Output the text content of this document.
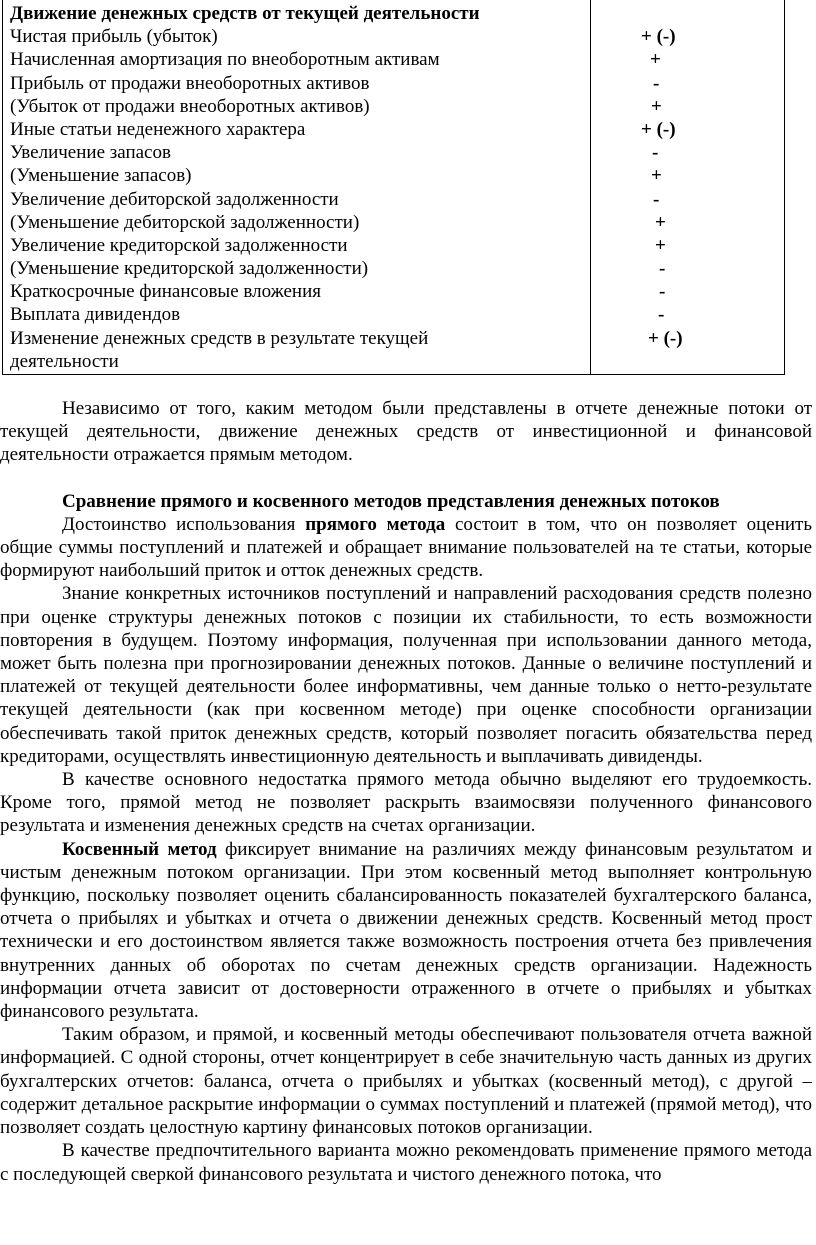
Движение денежных средств от текущей деятельности
Чистая прибыль (убыток)
Начисленная амортизация по внеоборотным активам
Прибыль от продажи внеоборотных активов
(Убыток от продажи внеоборотных активов)
Иные статьи неденежного характера
Увеличение запасов
(Уменьшение запасов)
Увеличение дебиторской задолженности
(Уменьшение дебиторской задолженности)
Увеличение кредиторской задолженности
(Уменьшение кредиторской задолженности)
Краткосрочные финансовые вложения
Выплата дивидендов
Изменение денежных средств в результате текущей деятельности
+ (-)
+
-
+
+ (-)
-
+
-
+
+
-
-
-
+ (-)

Независимо от того, каким методом были представлены в отчете денежные потоки от текущей деятельности, движение денежных средств от инвестиционной и финансовой деятельности отражается прямым методом.

Сравнение прямого и косвенного методов представления денежных потоков

Достоинство использования прямого метода состоит в том, что он позволяет оценить общие суммы поступлений и платежей и обращает внимание пользователей на те статьи, которые формируют наибольший приток и отток денежных средств.

Знание конкретных источников поступлений и направлений расходования средств полезно при оценке структуры денежных потоков с позиции их стабильности, то есть возможности повторения в будущем. Поэтому информация, полученная при использовании данного метода, может быть полезна при прогнозировании денежных потоков. Данные о величине поступлений и платежей от текущей деятельности более информативны, чем данные только о нетто-результате текущей деятельности (как при косвенном методе) при оценке способности организации обеспечивать такой приток денежных средств, который позволяет погасить обязательства перед кредиторами, осуществлять инвестиционную деятельность и выплачивать дивиденды.

В качестве основного недостатка прямого метода обычно выделяют его трудоемкость. Кроме того, прямой метод не позволяет раскрыть взаимосвязи полученного финансового результата и изменения денежных средств на счетах организации.

Косвенный метод фиксирует внимание на различиях между финансовым результатом и чистым денежным потоком организации. При этом косвенный метод выполняет контрольную функцию, поскольку позволяет оценить сбалансированность показателей бухгалтерского баланса, отчета о прибылях и убытках и отчета о движении денежных средств. Косвенный метод прост технически и его достоинством является также возможность построения отчета без привлечения внутренних данных об оборотах по счетам денежных средств организации. Надежность информации отчета зависит от достоверности отраженного в отчете о прибылях и убытках финансового результата.

Таким образом, и прямой, и косвенный методы обеспечивают пользователя отчета важной информацией. С одной стороны, отчет концентрирует в себе значительную часть данных из других бухгалтерских отчетов: баланса, отчета о прибылях и убытках (косвенный метод), с другой – содержит детальное раскрытие информации о суммах поступлений и платежей (прямой метод), что позволяет создать целостную картину финансовых потоков организации.

В качестве предпочтительного варианта можно рекомендовать применение прямого метода с последующей сверкой финансового результата и чистого денежного потока, что
